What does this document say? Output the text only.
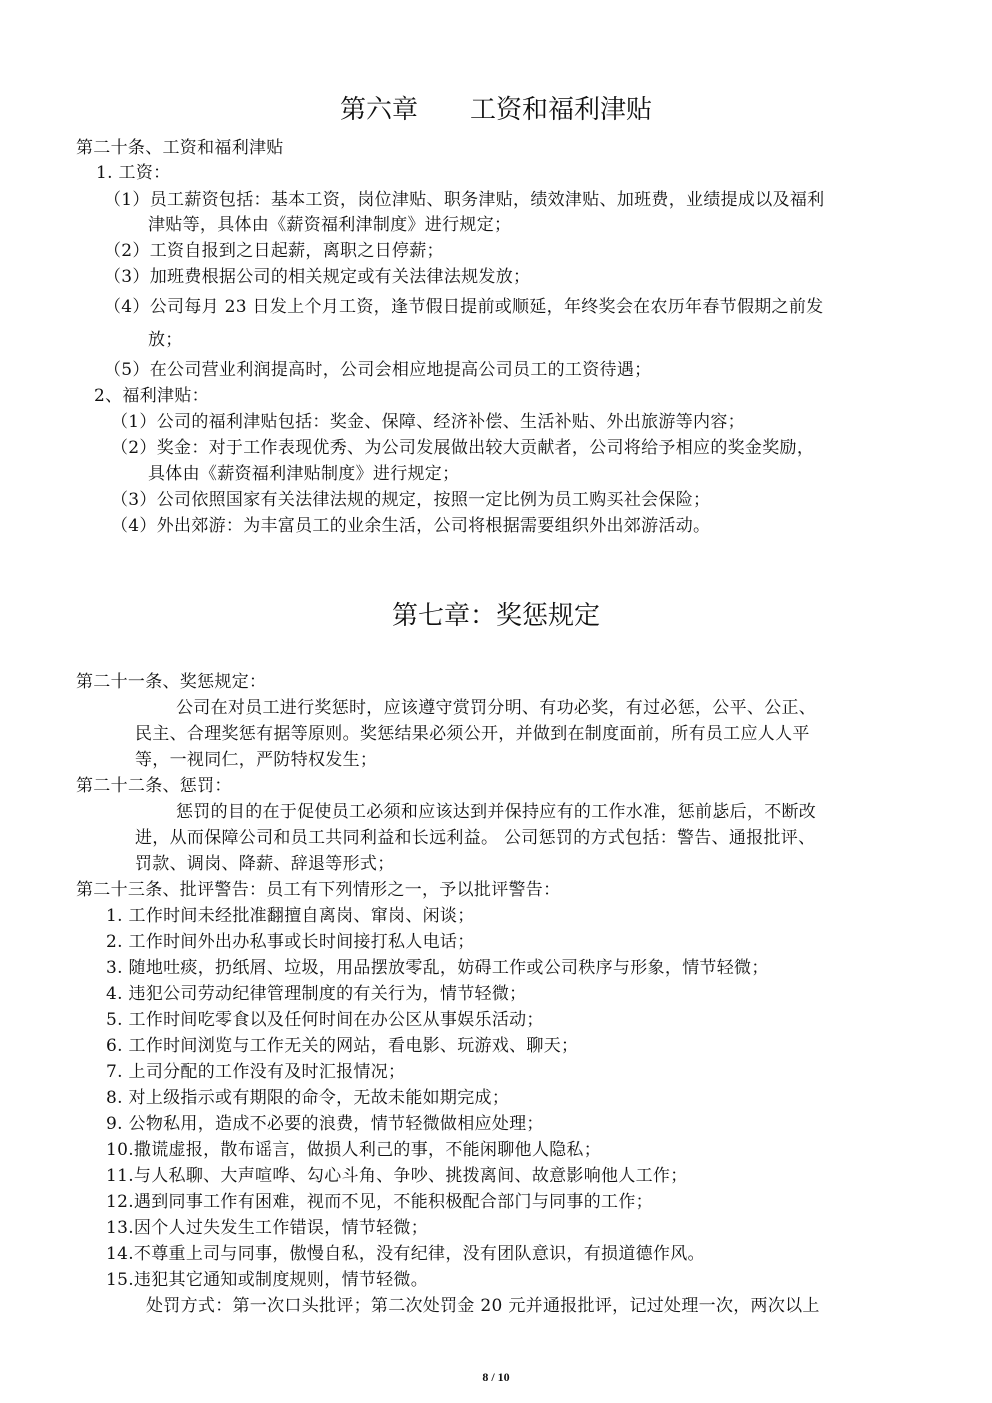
第六章　　工资和福利津贴
第二十条、工资和福利津贴
1. 工资：
（1）员工薪资包括：基本工资，岗位津贴、职务津贴，绩效津贴、加班费，业绩提成以及福利
津贴等，具体由《薪资福利津制度》进行规定；
（2）工资自报到之日起薪，离职之日停薪；
（3）加班费根据公司的相关规定或有关法律法规发放；
（4）公司每月 23 日发上个月工资，逢节假日提前或顺延，年终奖会在农历年春节假期之前发
放；
（5）在公司营业利润提高时，公司会相应地提高公司员工的工资待遇；
2、福利津贴：
（1）公司的福利津贴包括：奖金、保障、经济补偿、生活补贴、外出旅游等内容；
（2）奖金：对于工作表现优秀、为公司发展做出较大贡献者，公司将给予相应的奖金奖励，
具体由《薪资福利津贴制度》进行规定；
（3）公司依照国家有关法律法规的规定，按照一定比例为员工购买社会保险；
（4）外出郊游：为丰富员工的业余生活，公司将根据需要组织外出郊游活动。
第七章：奖惩规定
第二十一条、奖惩规定：
公司在对员工进行奖惩时，应该遵守赏罚分明、有功必奖，有过必惩，公平、公正、
民主、合理奖惩有据等原则。奖惩结果必须公开，并做到在制度面前，所有员工应人人平
等，一视同仁，严防特权发生；
第二十二条、惩罚：
惩罚的目的在于促使员工必须和应该达到并保持应有的工作水准，惩前毖后，不断改
进，从而保障公司和员工共同利益和长远利益。 公司惩罚的方式包括：警告、通报批评、
罚款、调岗、降薪、辞退等形式；
第二十三条、批评警告：员工有下列情形之一，予以批评警告：
1. 工作时间未经批准翻擅自离岗、窜岗、闲谈；
2. 工作时间外出办私事或长时间接打私人电话；
3. 随地吐痰，扔纸屑、垃圾，用品摆放零乱，妨碍工作或公司秩序与形象，情节轻微；
4. 违犯公司劳动纪律管理制度的有关行为，情节轻微；
5. 工作时间吃零食以及任何时间在办公区从事娱乐活动；
6. 工作时间浏览与工作无关的网站，看电影、玩游戏、聊天；
7. 上司分配的工作没有及时汇报情况；
8. 对上级指示或有期限的命令，无故未能如期完成；
9. 公物私用，造成不必要的浪费，情节轻微做相应处理；
10.撒谎虚报，散布谣言，做损人利己的事，不能闲聊他人隐私；
11.与人私聊、大声喧哗、勾心斗角、争吵、挑拨离间、故意影响他人工作；
12.遇到同事工作有困难，视而不见，不能积极配合部门与同事的工作；
13.因个人过失发生工作错误，情节轻微；
14.不尊重上司与同事，傲慢自私，没有纪律，没有团队意识，有损道德作风。
15.违犯其它通知或制度规则，情节轻微。
处罚方式：第一次口头批评；第二次处罚金 20 元并通报批评，记过处理一次，两次以上
8 / 10
